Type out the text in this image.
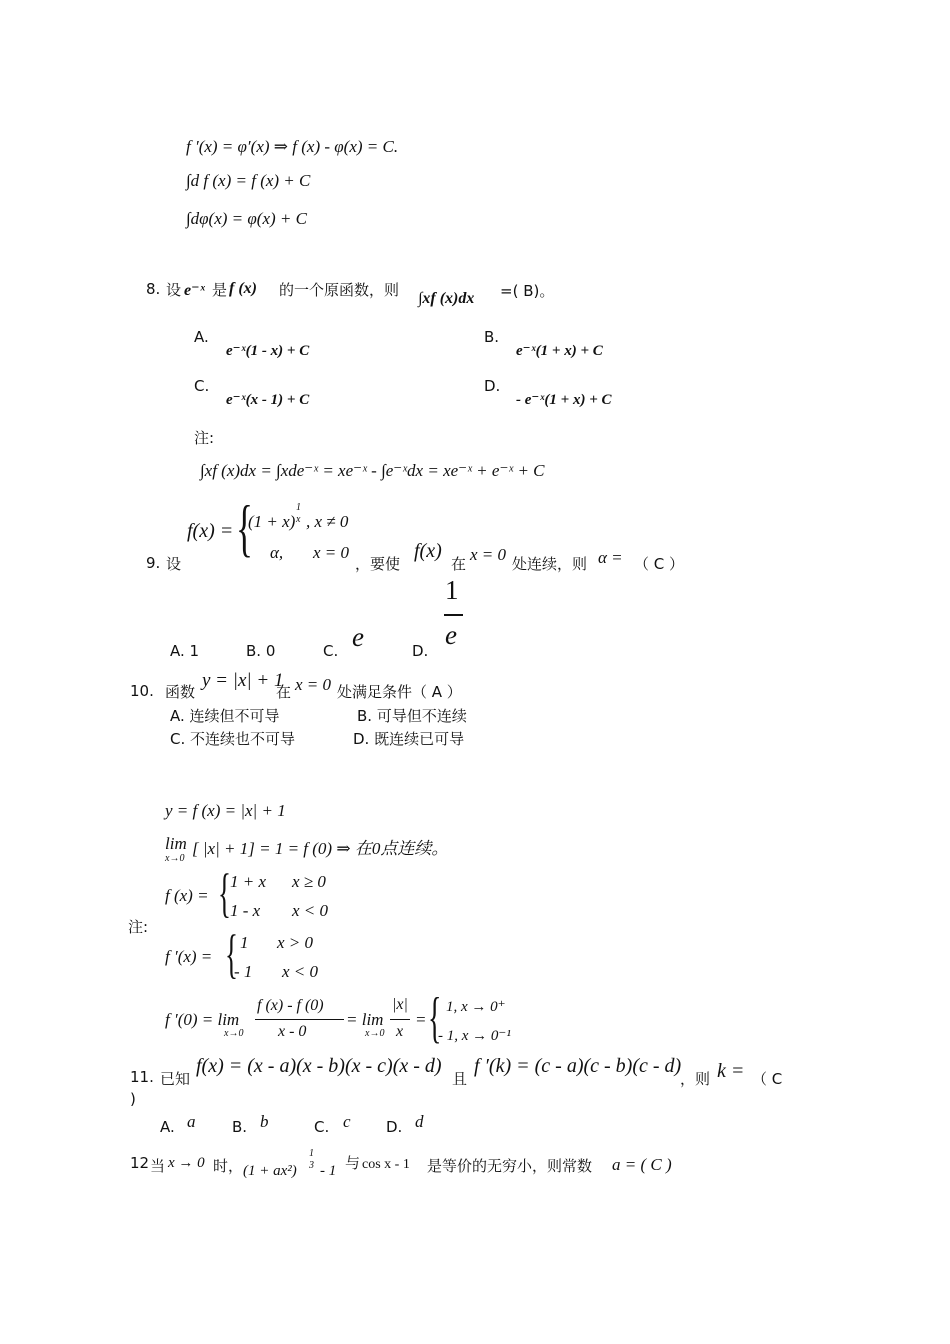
f ′(x) = φ′(x) ⇒ f (x) - φ(x) = C.
∫d f (x) = f (x) + C
∫dφ(x) = φ(x) + C
8. 设 e⁻ˣ 是 f (x) 的一个原函数，则 ∫xf (x)dx =( B)。
A.
e⁻ˣ(1 - x) + C
B.
e⁻ˣ(1 + x) + C
C.
e⁻ˣ(x - 1) + C
D.
- e⁻ˣ(1 + x) + C
注:
∫xf (x)dx = ∫xde⁻ˣ = xe⁻ˣ - ∫e⁻ˣdx = xe⁻ˣ + e⁻ˣ + C
9. 设
f(x) = {
(1 + x)
1
x , x ≠ 0
α, x = 0
，要使
f(x)
在 x = 0 处连续，则 α = （ C ）
1
e
A. 1	B. 0	C. e	D.
10. 函数
y = |x| + 1
在 x = 0 处满足条件（ A ）
A. 连续但不可导	B. 可导但不连续
C. 不连续也不可导	D. 既连续已可导
y = f (x) = |x| + 1
lim
x→0
[ |x| + 1] = 1 = f (0) ⇒ 在0点连续。
注:
f (x) = { 1 + x x ≥ 0
1 - x x < 0
f ′(x) = { 1 x > 0
- 1 x < 0
f ′(0) = lim
x→0
f (x) - f (0)
x - 0
= lim
x→0
|x|
x
= { 1, x → 0⁺
- 1, x → 0⁻¹
11. 已知
f(x) = (x - a)(x - b)(x - c)(x - d)
且
f ′(k) = (c - a)(c - b)(c - d)
，则 k = （ C
)
A. a B. b	C. c D. d
12 当 x → 0 时， (1 + ax²)
1
3 - 1 与 cos x - 1 是等价的无穷小，则常数 a = ( C )
